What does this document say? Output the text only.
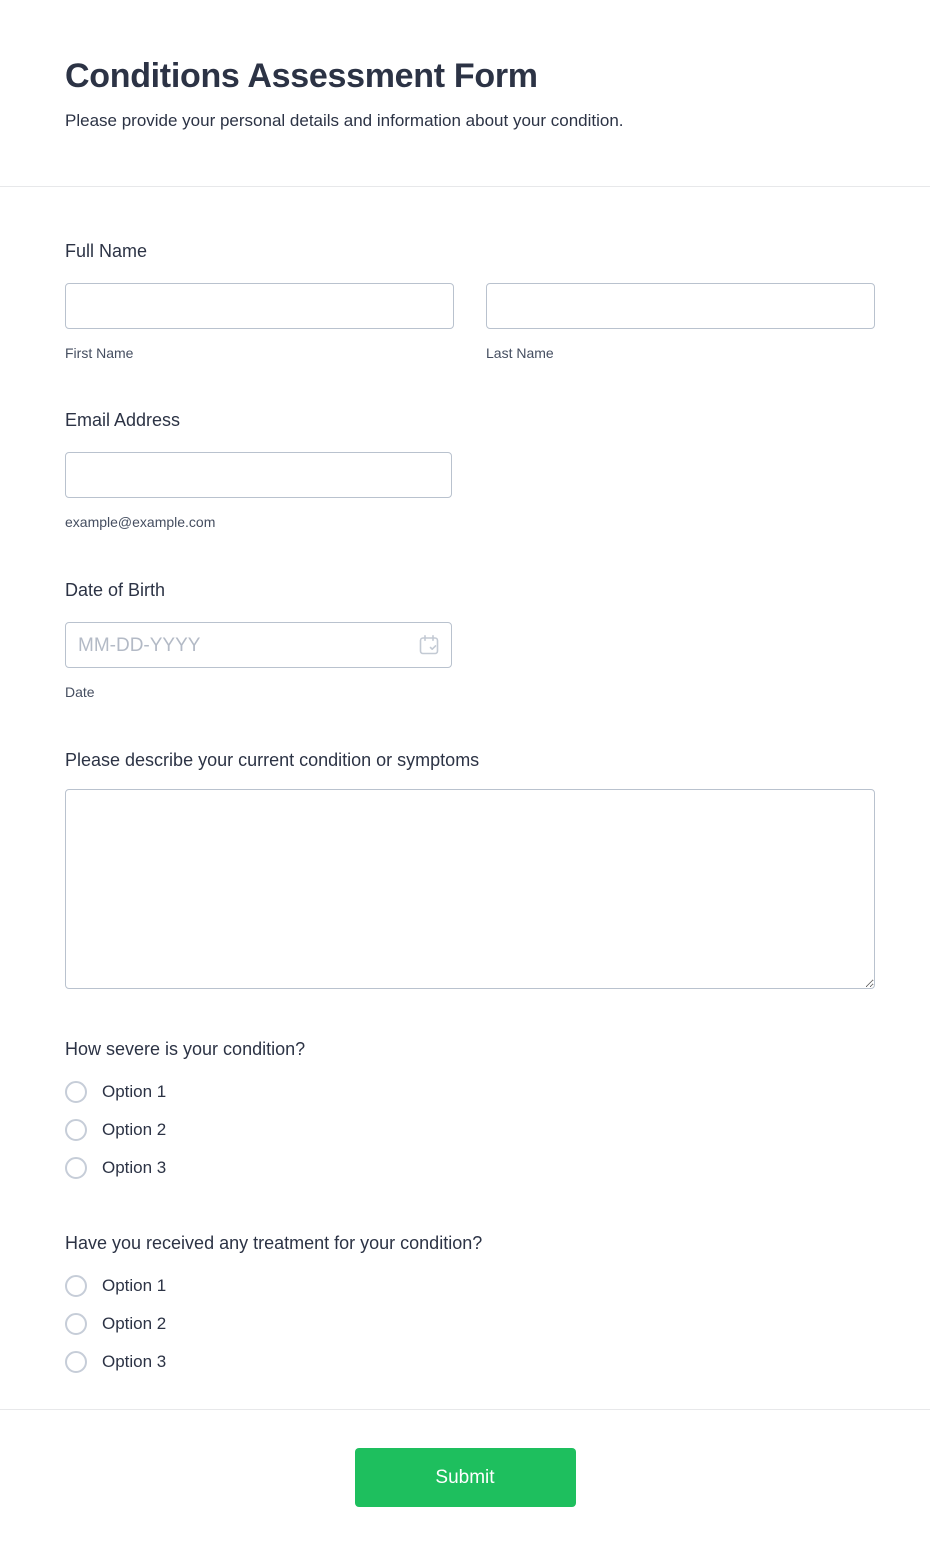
Conditions Assessment Form

Please provide your personal details and information about your condition.

Full Name
First Name	Last Name
Email Address
example@example.com
Date of Birth
MM-DD-YYYY
Date
Please describe your current condition or symptoms
How severe is your condition?
Option 1
Option 2
Option 3
Have you received any treatment for your condition?
Option 1
Option 2
Option 3
Submit
